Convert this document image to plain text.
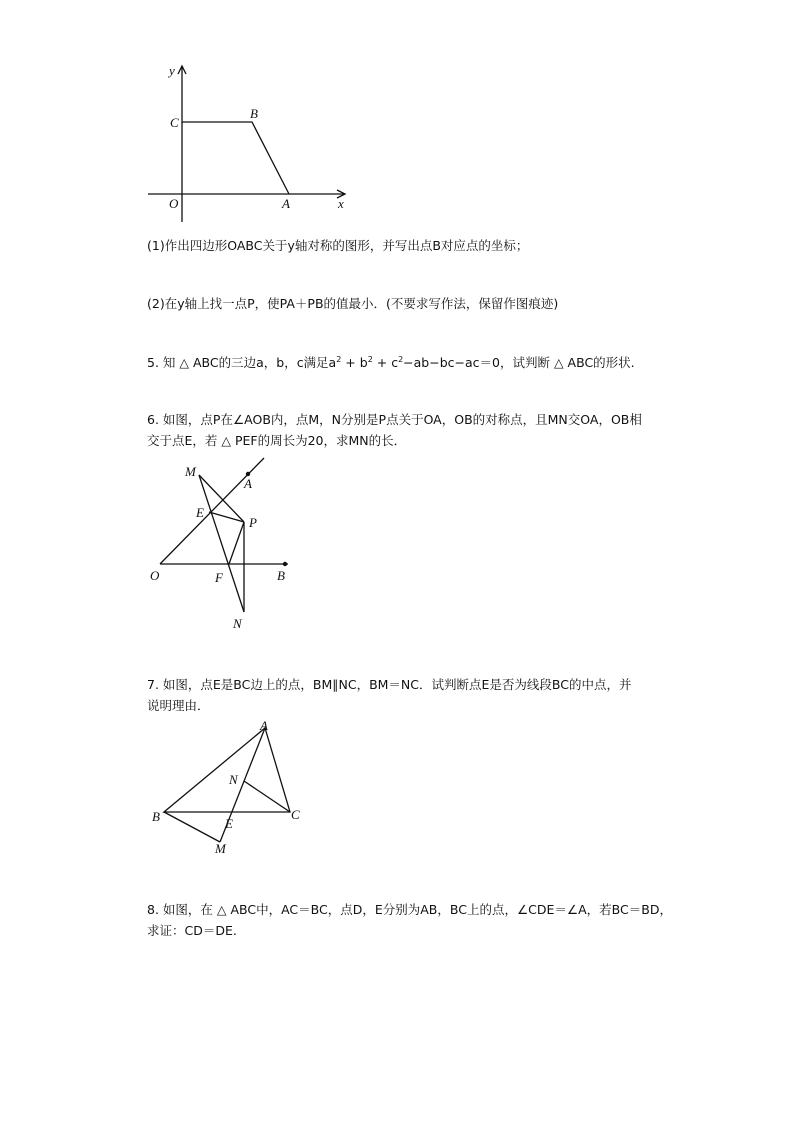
y
x
C
B
O	A
(1)作出四边形OABC关于y轴对称的图形，并写出点B对应点的坐标；
(2)在y轴上找一点P，使PA＋PB的值最小．(不要求写作法，保留作图痕迹)
5. 知 △ ABC的三边a，b，c满足$a^2 + b^2 + c^2-ab-bc-ac=0$，试判断 △ ABC的形状.
6. 如图，点P在∠AOB内，点M，N分别是P点关于OA，OB的对称点，且MN交OA，OB相
交于点E，若 △ PEF的周长为20，求MN的长．
M
A
E
P
O	F	B
N
7. 如图，点E是BC边上的点，BM∥NC，BM＝NC．试判断点E是否为线段BC的中点，并
说明理由．
A
N
B	C
E
M
8. 如图，在 △ ABC中，AC＝BC，点D，E分别为AB，BC上的点，∠CDE＝∠A，若BC＝BD，
求证：CD＝DE.
